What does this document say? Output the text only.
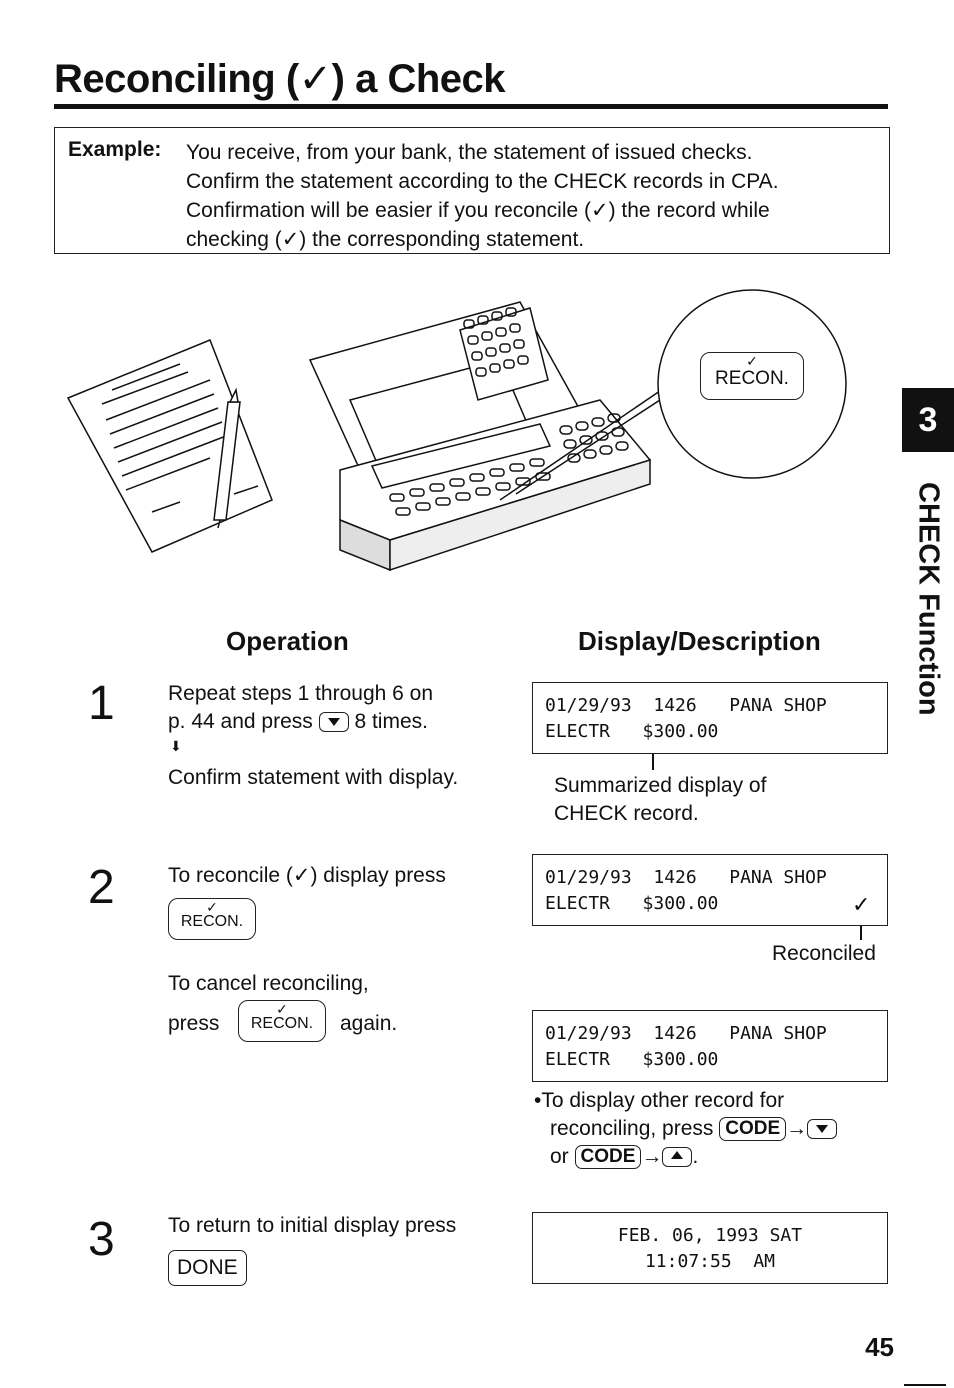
Reconciling (✓) a Check
Example: You receive, from your bank, the statement of issued checks.
Confirm the statement according to the CHECK records in CPA.
Confirmation will be easier if you reconcile (✓) the record while
checking (✓) the corresponding statement.
✓
RECON.
3
CHECK Function
Operation	Display/Description
1	Repeat steps 1 through 6 on
p. 44 and press 8 times.
⬇
Confirm statement with display.
01/29/93  1426   PANA SHOP
ELECTR   $300.00
Summarized display of
CHECK record.
2	To reconcile (✓) display press
✓
RECON.
To cancel reconciling,
press
✓
RECON.	again.
01/29/93  1426   PANA SHOP
ELECTR   $300.00	✓
Reconciled
01/29/93  1426   PANA SHOP
ELECTR   $300.00
•To display other record for
reconciling, press CODE →
or CODE → .
3	To return to initial display press
DONE
FEB. 06, 1993 SAT
11:07:55  AM
45
